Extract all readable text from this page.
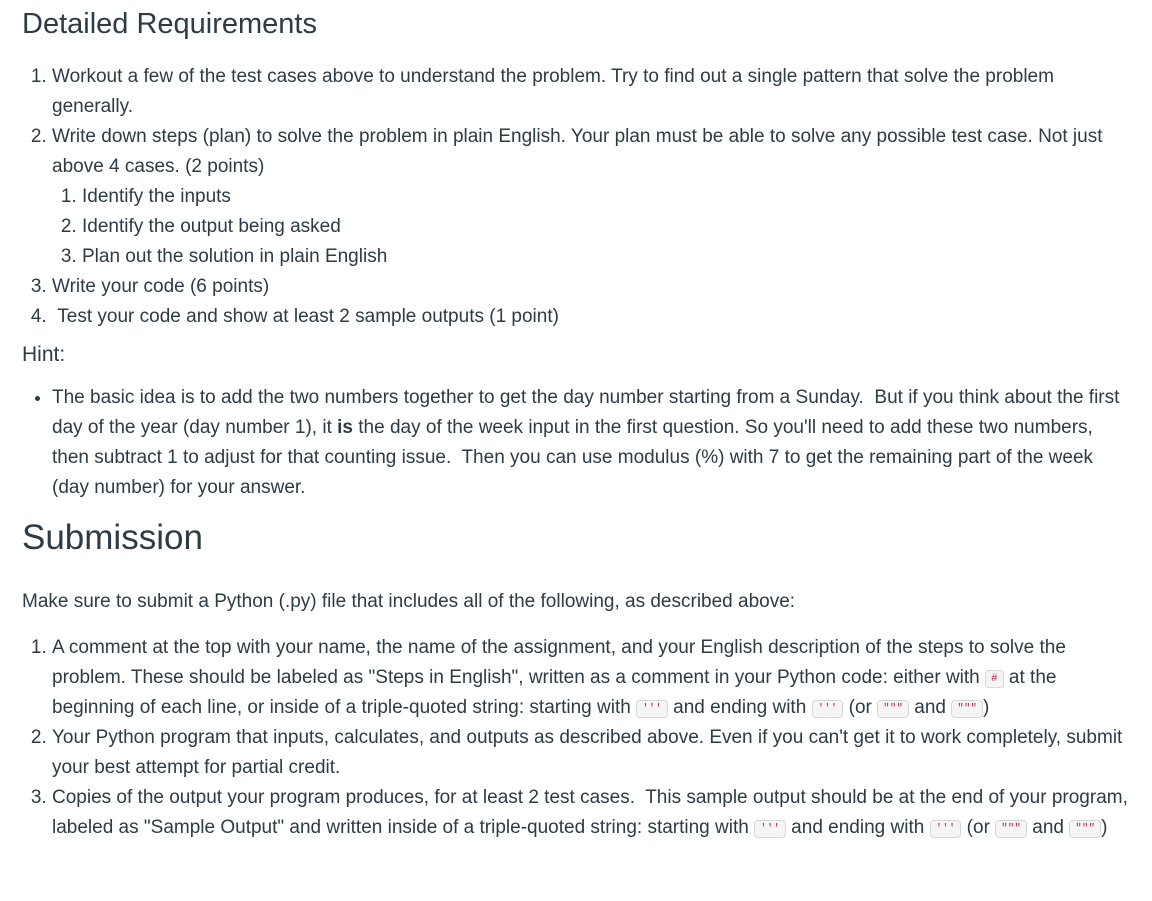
Detailed Requirements
1. Workout a few of the test cases above to understand the problem. Try to find out a single pattern that solve the problem generally.
2. Write down steps (plan) to solve the problem in plain English. Your plan must be able to solve any possible test case. Not just above 4 cases. (2 points)
1. Identify the inputs
2. Identify the output being asked
3. Plan out the solution in plain English
3. Write your code (6 points)
4.  Test your code and show at least 2 sample outputs (1 point)
Hint:
• The basic idea is to add the two numbers together to get the day number starting from a Sunday.  But if you think about the first day of the year (day number 1), it is the day of the week input in the first question. So you'll need to add these two numbers, then subtract 1 to adjust for that counting issue.  Then you can use modulus (%) with 7 to get the remaining part of the week (day number) for your answer.
Submission

Make sure to submit a Python (.py) file that includes all of the following, as described above:

1. A comment at the top with your name, the name of the assignment, and your English description of the steps to solve the problem. These should be labeled as "Steps in English", written as a comment in your Python code: either with # at the beginning of each line, or inside of a triple-quoted string: starting with ''' and ending with ''' (or """ and """ )
2. Your Python program that inputs, calculates, and outputs as described above. Even if you can't get it to work completely, submit your best attempt for partial credit.
3. Copies of the output your program produces, for at least 2 test cases.  This sample output should be at the end of your program, labeled as "Sample Output" and written inside of a triple-quoted string: starting with ''' and ending with ''' (or """ and """ )
